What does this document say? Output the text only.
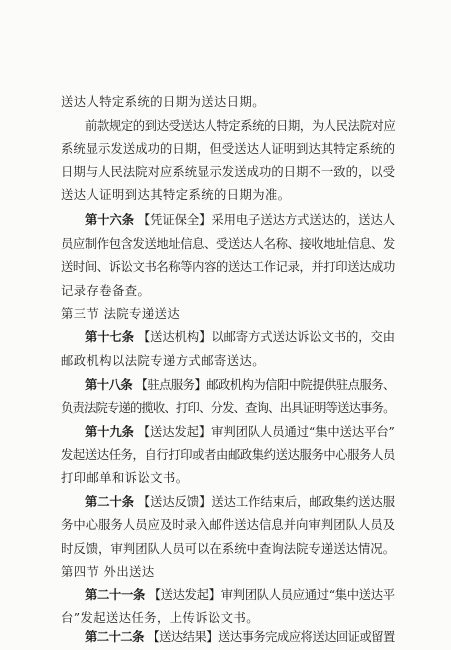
送达人特定系统的日期为送达日期。
前款规定的到达受送达人特定系统的日期，为人民法院对应
系统显示发送成功的日期，但受送达人证明到达其特定系统的
日期与人民法院对应系统显示发送成功的日期不一致的，以受
送达人证明到达其特定系统的日期为准。
第十六条 【凭证保全】采用电子送达方式送达的，送达人
员应制作包含发送地址信息、受送达人名称、接收地址信息、发
送时间、诉讼文书名称等内容的送达工作记录，并打印送达成功
记录存卷备查。
第三节 法院专递送达
第十七条 【送达机构】以邮寄方式送达诉讼文书的，交由
邮政机构以法院专递方式邮寄送达。
第十八条 【驻点服务】邮政机构为信阳中院提供驻点服务、
负责法院专递的揽收、打印、分发、查询、出具证明等送达事务。
第十九条 【送达发起】审判团队人员通过“集中送达平台”
发起送达任务，自行打印或者由邮政集约送达服务中心服务人员
打印邮单和诉讼文书。
第二十条 【送达反馈】送达工作结束后，邮政集约送达服
务中心服务人员应及时录入邮件送达信息并向审判团队人员及
时反馈，审判团队人员可以在系统中查询法院专递送达情况。
第四节 外出送达
第二十一条 【送达发起】审判团队人员应通过“集中送达平
台”发起送达任务，上传诉讼文书。
第二十二条 【送达结果】送达事务完成应将送达回证或留置
